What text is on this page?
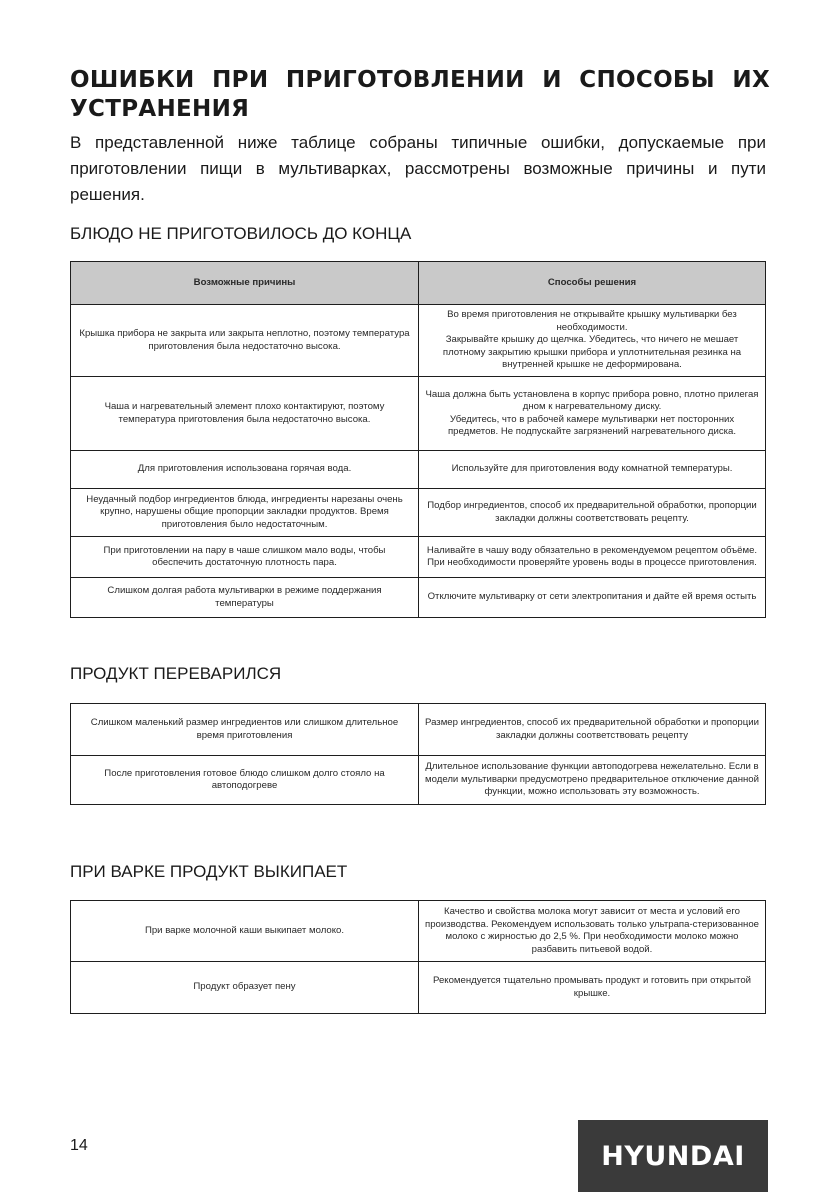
ОШИБКИ ПРИ ПРИГОТОВЛЕНИИ И СПОСОБЫ ИХ УСТРАНЕНИЯ

В представленной ниже таблице собраны типичные ошибки, допускаемые при приготовлении пищи в мультиварках, рассмотрены возможные причины и пути решения.

БЛЮДО НЕ ПРИГОТОВИЛОСЬ ДО КОНЦА
Возможные причины	Способы решения
Крышка прибора не закрыта или закрыта неплотно, поэтому температура приготовления была недостаточно высока.	Во время приготовления не открывайте крышку мультиварки без необходимости.
Закрывайте крышку до щелчка. Убедитесь, что ничего не мешает плотному закрытию крышки прибора и уплотнительная резинка на внутренней крышке не деформирована.

Чаша и нагревательный элемент плохо контактируют, поэтому температура приготовления была недостаточно высока.	Чаша должна быть установлена в корпус прибора ровно, плотно прилегая дном к нагревательному диску.
Убедитесь, что в рабочей камере мультиварки нет посторонних предметов. Не подпускайте загрязнений нагревательного диска.
Для приготовления использована горячая вода.	Используйте для приготовления воду комнатной температуры.
Неудачный подбор ингредиентов блюда, ингредиенты нарезаны очень крупно, нарушены общие пропорции закладки продуктов. Время приготовления было недостаточным.	Подбор ингредиентов, способ их предварительной обработки, пропорции закладки должны соответствовать рецепту.
При приготовлении на пару в чаше слишком мало воды, чтобы обеспечить достаточную плотность пара.	Наливайте в чашу воду обязательно в рекомендуемом рецептом объёме. При необходимости проверяйте уровень воды в процессе приготовления.
Слишком долгая работа мультиварки в режиме поддержания температуры	Отключите мультиварку от сети электропитания и дайте ей время остыть
ПРОДУКТ ПЕРЕВАРИЛСЯ
Слишком маленький размер ингредиентов или слишком длительное время приготовления	Размер ингредиентов, способ их предварительной обработки и пропорции закладки должны соответствовать рецепту
После приготовления готовое блюдо слишком долго стояло на автоподогреве	Длительное использование функции автоподогрева нежелательно. Если в модели мультиварки предусмотрено предварительное отключение данной функции, можно использовать эту возможность.
ПРИ ВАРКЕ ПРОДУКТ ВЫКИПАЕТ
При варке молочной каши выкипает молоко.	Качество и свойства молока могут зависит от места и условий его производства. Рекомендуем использовать только ультрапа-стеризованное молоко с жирностью до 2,5 %. При необходимости молоко можно разбавить питьевой водой.
Продукт образует пену	Рекомендуется тщательно промывать продукт и готовить при открытой крышке.

14	HYUNDAI
